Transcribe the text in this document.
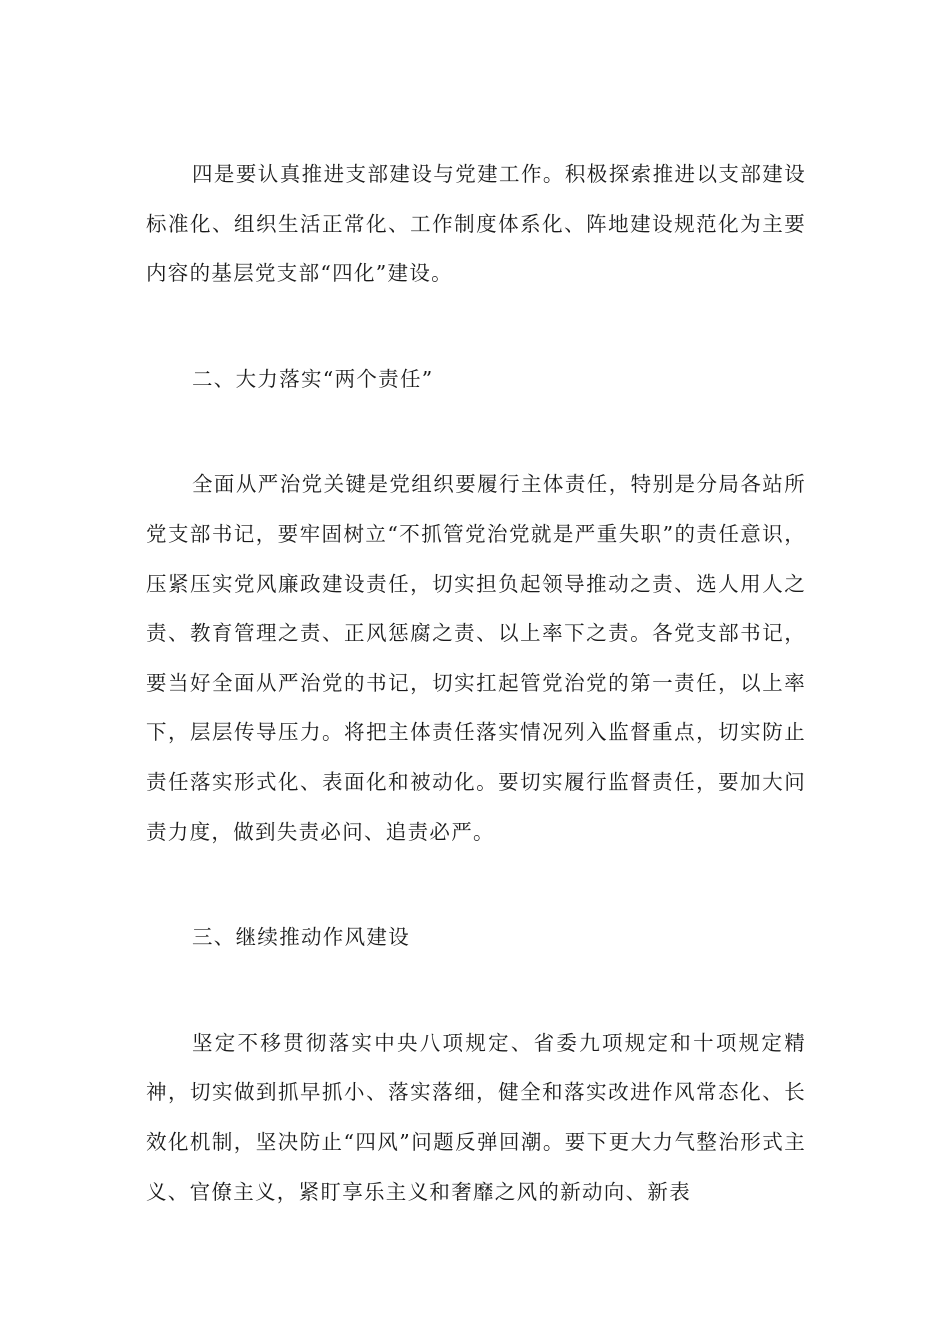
四是要认真推进支部建设与党建工作。积极探索推进以支部建设标准化、组织生活正常化、工作制度体系化、阵地建设规范化为主要内容的基层党支部“四化”建设。

二、大力落实“两个责任”

全面从严治党关键是党组织要履行主体责任，特别是分局各站所党支部书记，要牢固树立“不抓管党治党就是严重失职”的责任意识，压紧压实党风廉政建设责任，切实担负起领导推动之责、选人用人之责、教育管理之责、正风惩腐之责、以上率下之责。各党支部书记，要当好全面从严治党的书记，切实扛起管党治党的第一责任，以上率下，层层传导压力。将把主体责任落实情况列入监督重点，切实防止责任落实形式化、表面化和被动化。要切实履行监督责任，要加大问责力度，做到失责必问、追责必严。

三、继续推动作风建设

坚定不移贯彻落实中央八项规定、省委九项规定和十项规定精神，切实做到抓早抓小、落实落细，健全和落实改进作风常态化、长效化机制，坚决防止“四风”问题反弹回潮。要下更大力气整治形式主义、官僚主义，紧盯享乐主义和奢靡之风的新动向、新表
